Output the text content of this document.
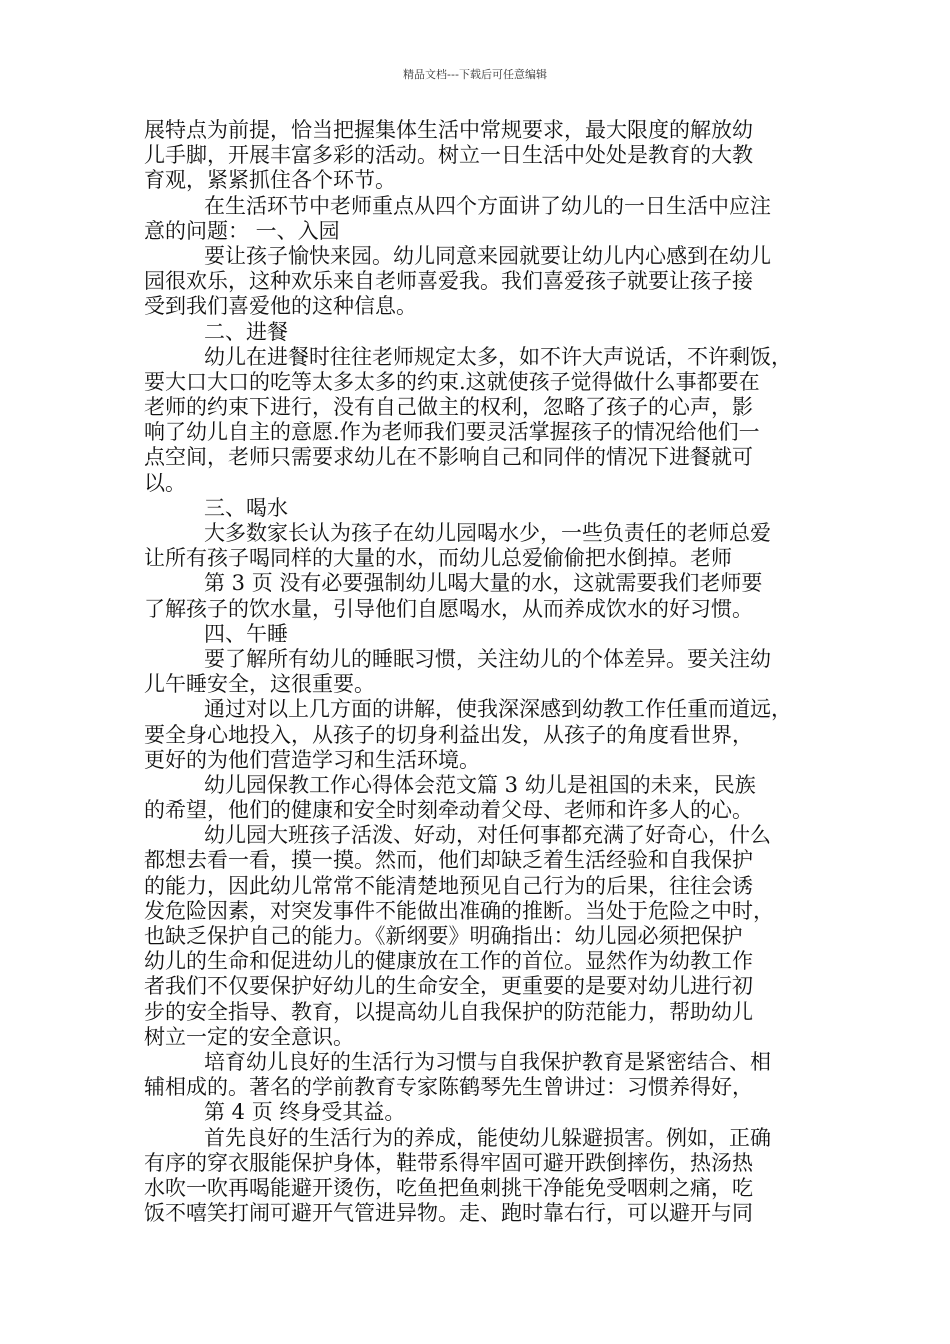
精品文档---下载后可任意编辑
展特点为前提，恰当把握集体生活中常规要求，最大限度的解放幼
儿手脚，开展丰富多彩的活动。树立一日生活中处处是教育的大教
育观，紧紧抓住各个环节。
在生活环节中老师重点从四个方面讲了幼儿的一日生活中应注
意的问题： 一、入园
要让孩子愉快来园。幼儿同意来园就要让幼儿内心感到在幼儿
园很欢乐，这种欢乐来自老师喜爱我。我们喜爱孩子就要让孩子接
受到我们喜爱他的这种信息。
二、进餐
幼儿在进餐时往往老师规定太多，如不许大声说话，不许剩饭，
要大口大口的吃等太多太多的约束.这就使孩子觉得做什么事都要在
老师的约束下进行，没有自己做主的权利，忽略了孩子的心声，影
响了幼儿自主的意愿.作为老师我们要灵活掌握孩子的情况给他们一
点空间，老师只需要求幼儿在不影响自己和同伴的情况下进餐就可
以。
三、喝水
大多数家长认为孩子在幼儿园喝水少，一些负责任的老师总爱
让所有孩子喝同样的大量的水，而幼儿总爱偷偷把水倒掉。老师
第 3 页 没有必要强制幼儿喝大量的水，这就需要我们老师要
了解孩子的饮水量，引导他们自愿喝水，从而养成饮水的好习惯。
四、午睡
要了解所有幼儿的睡眠习惯，关注幼儿的个体差异。要关注幼
儿午睡安全，这很重要。
通过对以上几方面的讲解，使我深深感到幼教工作任重而道远，
要全身心地投入，从孩子的切身利益出发，从孩子的角度看世界，
更好的为他们营造学习和生活环境。
幼儿园保教工作心得体会范文篇 3 幼儿是祖国的未来，民族
的希望，他们的健康和安全时刻牵动着父母、老师和许多人的心。
幼儿园大班孩子活泼、好动，对任何事都充满了好奇心，什么
都想去看一看，摸一摸。然而，他们却缺乏着生活经验和自我保护
的能力，因此幼儿常常不能清楚地预见自己行为的后果，往往会诱
发危险因素，对突发事件不能做出准确的推断。当处于危险之中时，
也缺乏保护自己的能力。《新纲要》明确指出：幼儿园必须把保护
幼儿的生命和促进幼儿的健康放在工作的首位。显然作为幼教工作
者我们不仅要保护好幼儿的生命安全，更重要的是要对幼儿进行初
步的安全指导、教育，以提高幼儿自我保护的防范能力，帮助幼儿
树立一定的安全意识。
培育幼儿良好的生活行为习惯与自我保护教育是紧密结合、相
辅相成的。著名的学前教育专家陈鹤琴先生曾讲过：习惯养得好，
第 4 页 终身受其益。
首先良好的生活行为的养成，能使幼儿躲避损害。例如，正确
有序的穿衣服能保护身体，鞋带系得牢固可避开跌倒摔伤，热汤热
水吹一吹再喝能避开烫伤，吃鱼把鱼刺挑干净能免受咽刺之痛，吃
饭不嘻笑打闹可避开气管进异物。走、跑时靠右行，可以避开与同
